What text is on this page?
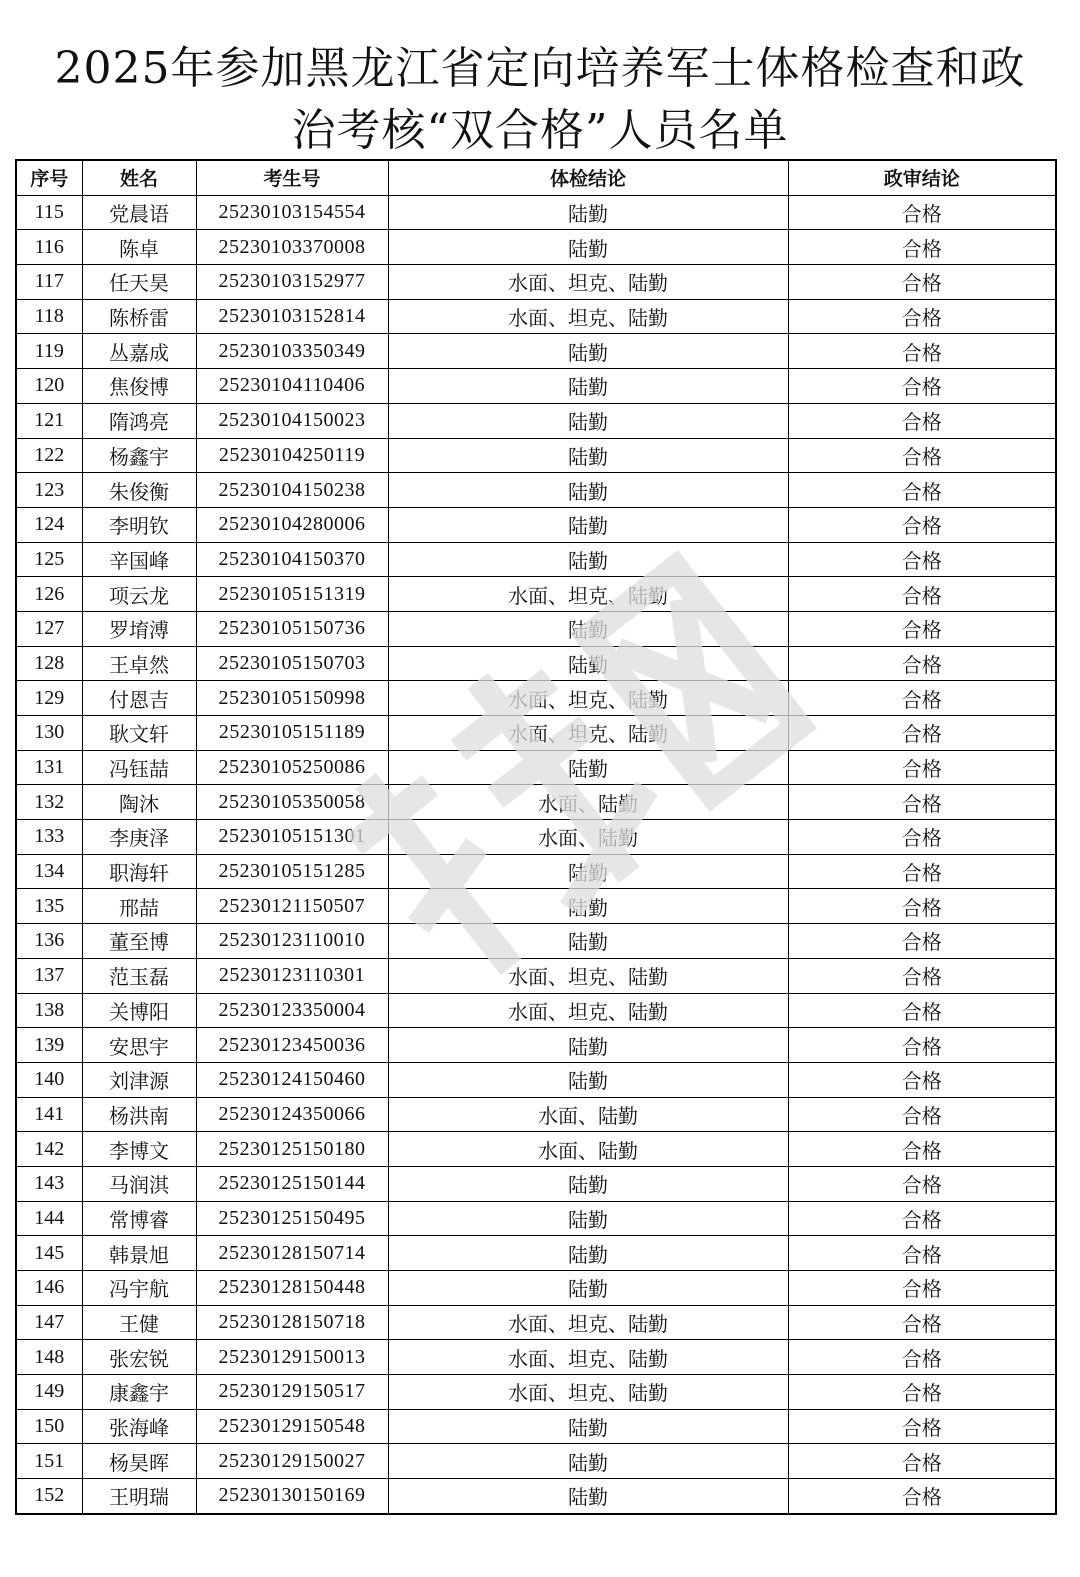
2025年参加黑龙江省定向培养军士体格检查和政
治考核“双合格”人员名单
序号	姓名	考生号	体检结论	政审结论
115	党晨语	25230103154554	陆勤	合格
116	陈卓	25230103370008	陆勤	合格
117	任天昊	25230103152977	水面、坦克、陆勤	合格
118	陈桥雷	25230103152814	水面、坦克、陆勤	合格
119	丛嘉成	25230103350349	陆勤	合格
120	焦俊博	25230104110406	陆勤	合格
121	隋鸿亮	25230104150023	陆勤	合格
122	杨鑫宇	25230104250119	陆勤	合格
123	朱俊衡	25230104150238	陆勤	合格
124	李明钦	25230104280006	陆勤	合格
125	辛国峰	25230104150370	陆勤	合格
126	项云龙	25230105151319	水面、坦克、陆勤	合格
127	罗堉溥	25230105150736	陆勤	合格
128	王卓然	25230105150703	陆勤	合格
129	付恩吉	25230105150998	水面、坦克、陆勤	合格
130	耿文轩	25230105151189	水面、坦克、陆勤	合格
131	冯钰喆	25230105250086	陆勤	合格
132	陶沐	25230105350058	水面、陆勤	合格
133	李庚泽	25230105151301	水面、陆勤	合格
134	职海轩	25230105151285	陆勤	合格
135	邢喆	25230121150507	陆勤	合格
136	董至博	25230123110010	陆勤	合格
137	范玉磊	25230123110301	水面、坦克、陆勤	合格
138	关博阳	25230123350004	水面、坦克、陆勤	合格
139	安思宇	25230123450036	陆勤	合格
140	刘津源	25230124150460	陆勤	合格
141	杨洪南	25230124350066	水面、陆勤	合格
142	李博文	25230125150180	水面、陆勤	合格
143	马润淇	25230125150144	陆勤	合格
144	常博睿	25230125150495	陆勤	合格
145	韩景旭	25230128150714	陆勤	合格
146	冯宇航	25230128150448	陆勤	合格
147	王健	25230128150718	水面、坦克、陆勤	合格
148	张宏锐	25230129150013	水面、坦克、陆勤	合格
149	康鑫宇	25230129150517	水面、坦克、陆勤	合格
150	张海峰	25230129150548	陆勤	合格
151	杨昊晖	25230129150027	陆勤	合格
152	王明瑞	25230130150169	陆勤	合格
